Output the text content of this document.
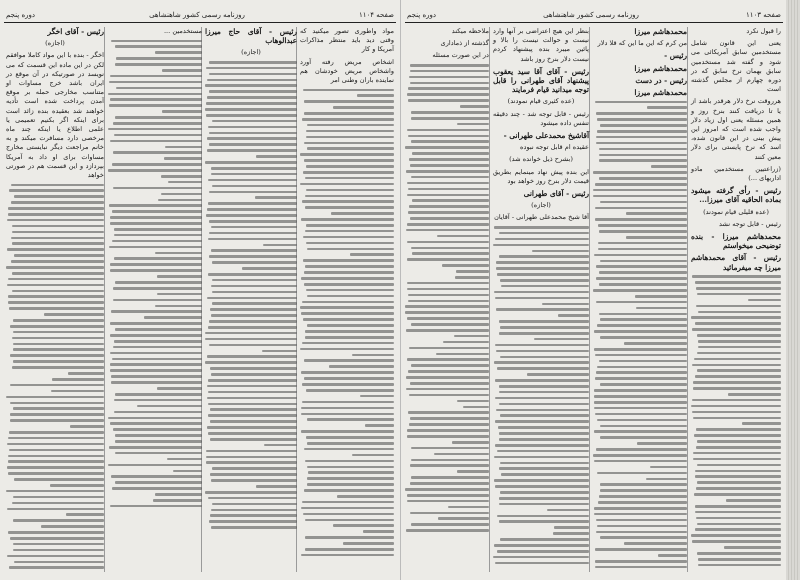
دوره پنجم	روزنامه رسمی کشور شاهنشاهی	صفحه ۱۱۰۴

مواد واطوری تصور میکنید که وقتی دید باید منتظر مذاکرات آمریکا و کار

اشخاص مریض رفته آورد واشخاص مریض خودشان هم نماینده باران وطنی امر

رئیس - آقای حاج میرزا عبدالوهاب

(اجازه)

مستخدمین ...

رئیس - آقای اخگر

(اجازه)

اخگر - بنده با این مواد کاملا موافقم لکن در این ماده این قسمت که می نویسد در صورتیکه در آن موقع در ایران باشد خرج مساوات او متناسب مخارجی حمله بر موقع آمدن پرداخت شده است تأدیه خواهند شد بعقیده بنده زائد است برای اینکه اگر بکنیم تعمیمی یا علمی اطلاع یا اینکه چند ماه مرخصی دارد مسافرت میکند و به خانم مراجعت دیگر نبایستی مخارج مساوات برای او داد به آمریکا بپردازد و این قسمت هم در صورتی خواهد

دوره پنجم	روزنامه رسمی کشور شاهنشاهی	صفحه ۱۱۰۳

را قبول نکرد

یعنی این قانون شامل مستخدمین سابق آمریکائی می شود و گفته شد مستخدمین سابق بهمان نرخ سابق که در دوره چهارم از مجلس گذشته است

هرروقت نرخ دلار هرقدر باشد از یا تا دریافت کنند بنرخ روز و همین مسئله یعنی اول زیاد دلار واجب شده است که امروز این پیش بینی در این قانون شده، اسد که نرخ پایستی برای دلار معین کنند

(زراعتیین مستخدمین مادو اداریهای ...)

رئیس - رأی گرفته میشود بماده الحاقیه آقای میرزا...

(عده قلیلی قیام نمودند)

رئیس - قابل توجه نشد

محمدهاشم میرزا - بنده توضیحی میخواستم

رئیس - آقای محمدهاشم میرزا چه میفرمائید

محمدهاشم میرزا

من کرم که این ما این که قلا دلار

رئیس -

محمدهاشم میرزا

رئیس - در دست

محمدهاشم میرزا

بنظر این هیچ اعتراضی بر آنها وارد نیست و حوالت نیست را بالا و پائین میبرد بنده پیشنهاد کردم نیست دلار بنرخ روز باشد

رئیس - آقای آقا سید یعقوب پیشنهاد آقای طهرانی را قابل توجه میدانید قیام فرمایند

(عده کثیری قیام نمودند)

رئیس - قابل توجه شد - چند دقیقه تنفس داده میشود

آقاشیخ محمدعلی طهرانی -

عقیده ام قابل توجه نبوده

(بشرح ذیل خوانده شد)

این بنده پیش نهاد مینمایم بطریق قیمت دلار بنرخ روز خواهد بود

رئیس - آقای طهرانی

(اجازه)

آقا شیخ محمدعلی طهرانی - آقایان

ملاحظه میکند

گذشته از ذماداری

در این صورت مسئله
